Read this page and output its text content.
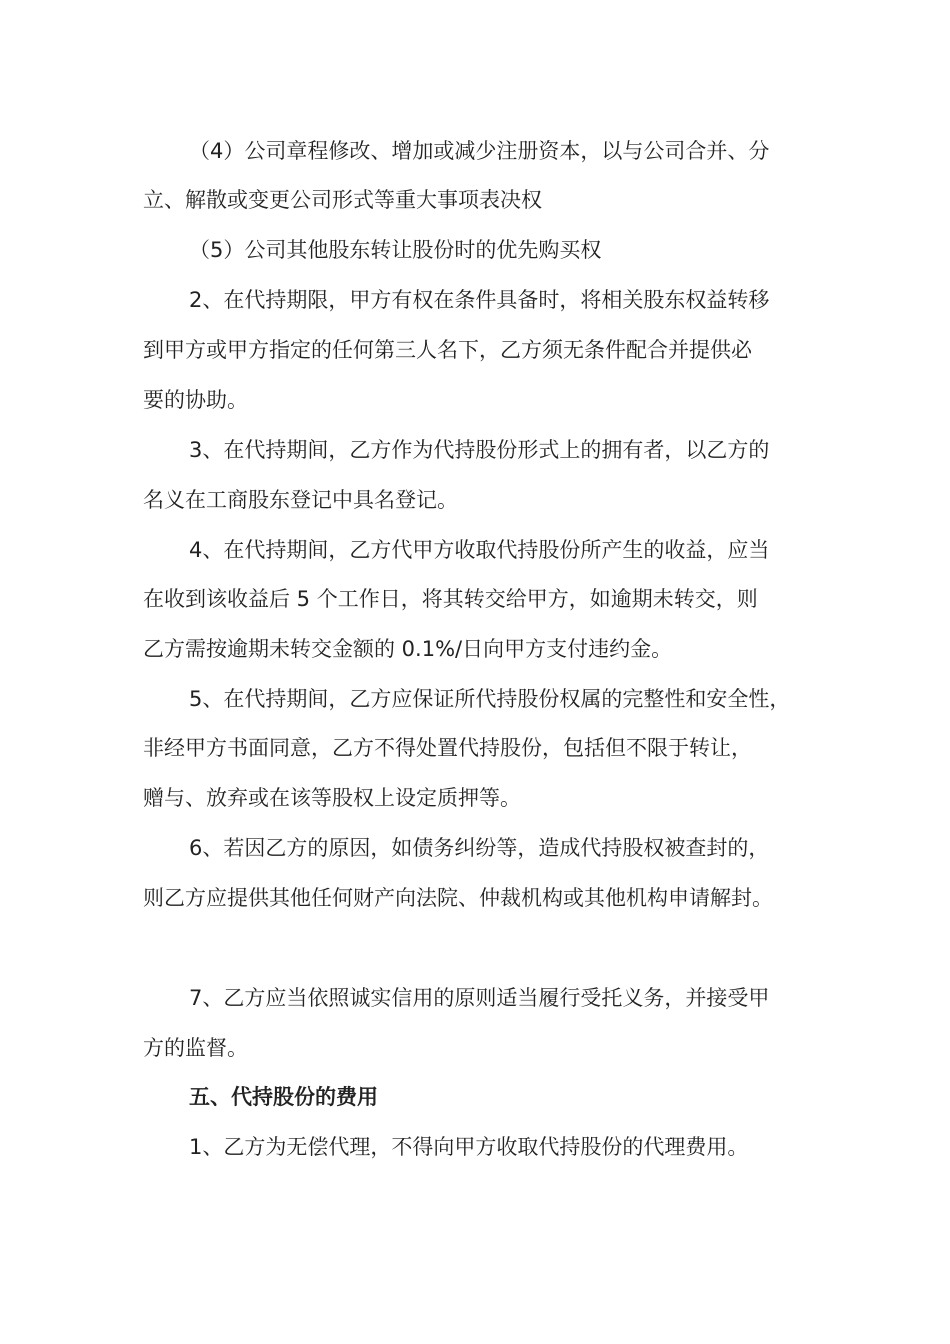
（4）公司章程修改、增加或减少注册资本，以与公司合并、分
立、解散或变更公司形式等重大事项表决权
（5）公司其他股东转让股份时的优先购买权
2、在代持期限，甲方有权在条件具备时，将相关股东权益转移
到甲方或甲方指定的任何第三人名下，乙方须无条件配合并提供必
要的协助。
3、在代持期间，乙方作为代持股份形式上的拥有者，以乙方的
名义在工商股东登记中具名登记。
4、在代持期间，乙方代甲方收取代持股份所产生的收益，应当
在收到该收益后 5 个工作日，将其转交给甲方，如逾期未转交，则
乙方需按逾期未转交金额的 0.1%/日向甲方支付违约金。
5、在代持期间，乙方应保证所代持股份权属的完整性和安全性，
非经甲方书面同意，乙方不得处置代持股份，包括但不限于转让，
赠与、放弃或在该等股权上设定质押等。
6、若因乙方的原因，如债务纠纷等，造成代持股权被查封的，
则乙方应提供其他任何财产向法院、仲裁机构或其他机构申请解封。
7、乙方应当依照诚实信用的原则适当履行受托义务，并接受甲
方的监督。
五、代持股份的费用
1、乙方为无偿代理，不得向甲方收取代持股份的代理费用。
